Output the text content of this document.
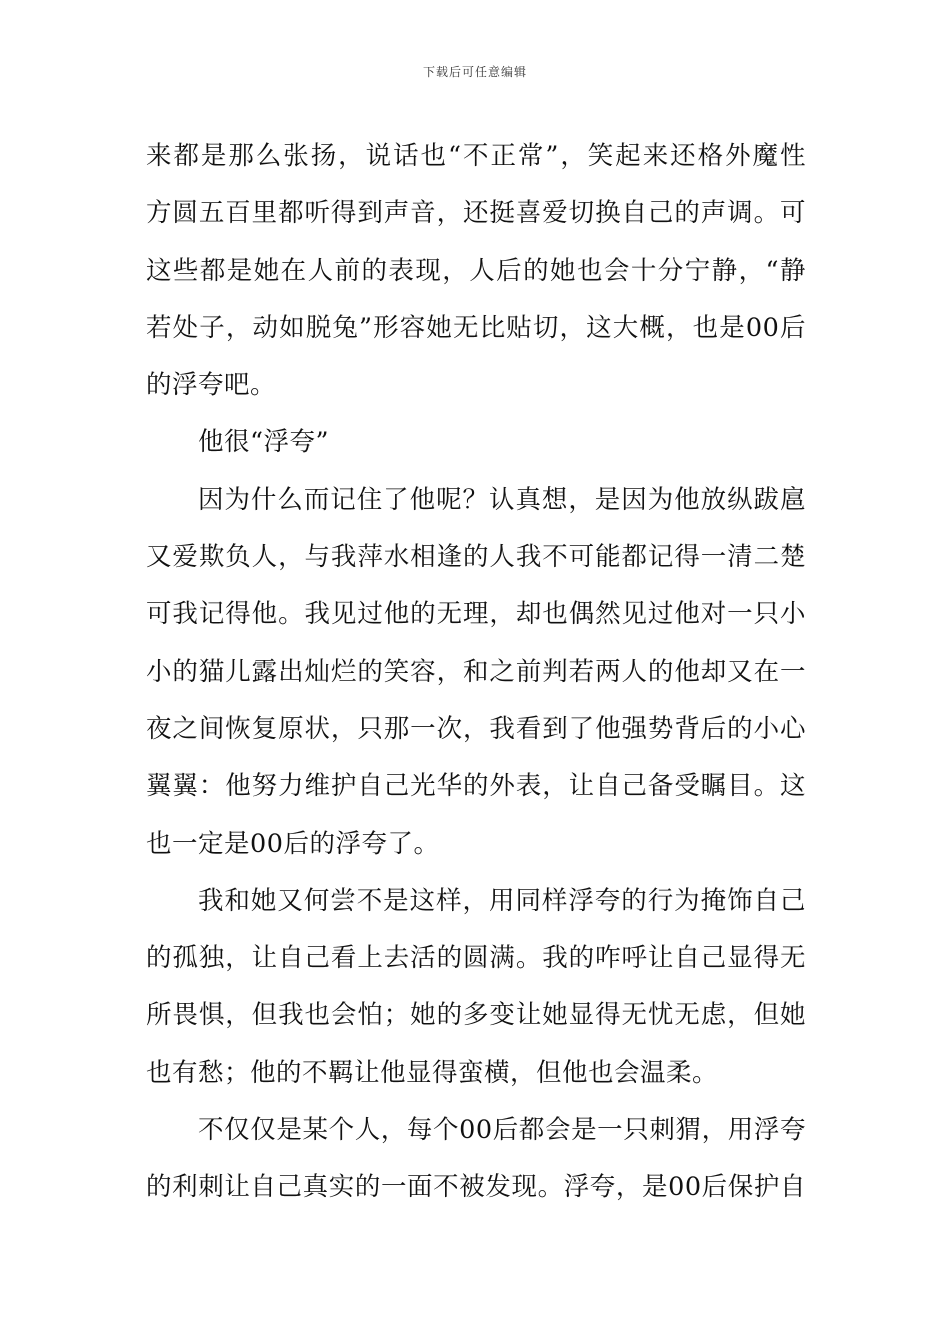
下载后可任意编辑
来都是那么张扬，说话也“不正常”，笑起来还格外魔性
方圆五百里都听得到声音，还挺喜爱切换自己的声调。可
这些都是她在人前的表现，人后的她也会十分宁静，“静
若处子，动如脱兔”形容她无比贴切，这大概，也是00后
的浮夸吧。
他很“浮夸”
因为什么而记住了他呢？认真想，是因为他放纵跋扈
又爱欺负人，与我萍水相逢的人我不可能都记得一清二楚
可我记得他。我见过他的无理，却也偶然见过他对一只小
小的猫儿露出灿烂的笑容，和之前判若两人的他却又在一
夜之间恢复原状，只那一次，我看到了他强势背后的小心
翼翼：他努力维护自己光华的外表，让自己备受瞩目。这
也一定是00后的浮夸了。
我和她又何尝不是这样，用同样浮夸的行为掩饰自己
的孤独，让自己看上去活的圆满。我的咋呼让自己显得无
所畏惧，但我也会怕；她的多变让她显得无忧无虑，但她
也有愁；他的不羁让他显得蛮横，但他也会温柔。
不仅仅是某个人，每个00后都会是一只刺猬，用浮夸
的利刺让自己真实的一面不被发现。浮夸，是00后保护自
